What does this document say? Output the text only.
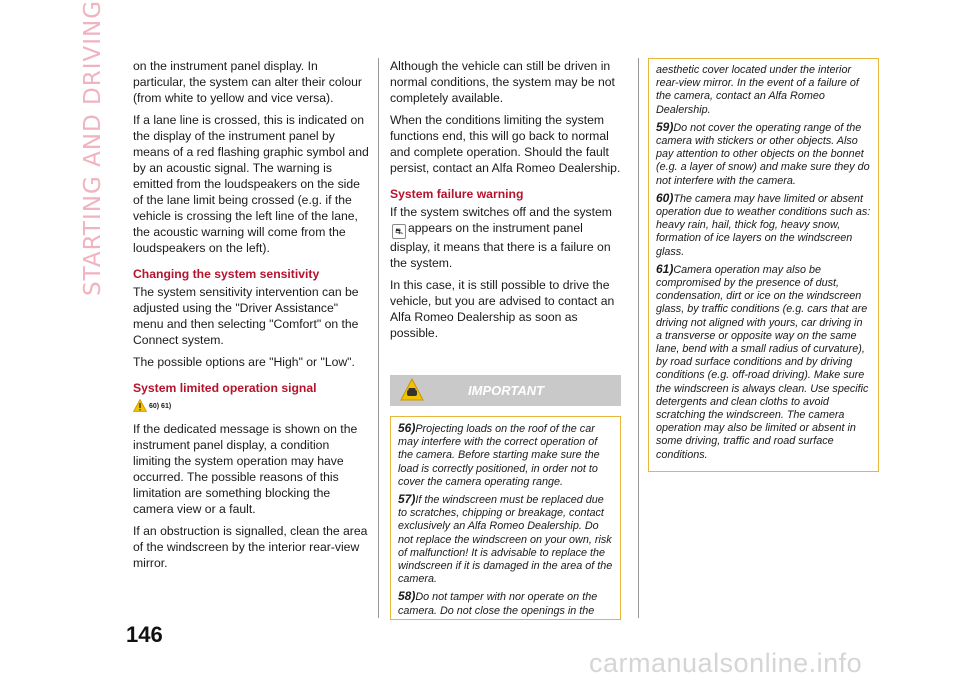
STARTING AND DRIVING on the instrument panel display. In particular, the system can alter their colour (from white to yellow and vice versa).

If a lane line is crossed, this is indicated on the display of the instrument panel by means of a red flashing graphic symbol and by an acoustic signal. The warning is emitted from the loudspeakers on the side of the lane limit being crossed (e.g. if the vehicle is crossing the left line of the lane, the acoustic warning will come from the loudspeakers on the left).

Changing the system sensitivity

The system sensitivity intervention can be adjusted using the "Driver Assistance" menu and then selecting "Comfort" on the Connect system.

The possible options are "High" or "Low".

System limited operation signal

60) 61)

If the dedicated message is shown on the instrument panel display, a condition limiting the system operation may have occurred. The possible reasons of this limitation are something blocking the camera view or a fault.

If an obstruction is signalled, clean the area of the windscreen by the interior rear-view mirror.

Although the vehicle can still be driven in normal conditions, the system may be not completely available.

When the conditions limiting the system functions end, this will go back to normal and complete operation. Should the fault persist, contact an Alfa Romeo Dealership.

System failure warning

If the system switches off and the system ⛐ appears on the instrument panel display, it means that there is a failure on the system.

In this case, it is still possible to drive the vehicle, but you are advised to contact an Alfa Romeo Dealership as soon as possible.

IMPORTANT

56)Projecting loads on the roof of the car may interfere with the correct operation of the camera. Before starting make sure the load is correctly positioned, in order not to cover the camera operating range.

57)If the windscreen must be replaced due to scratches, chipping or breakage, contact exclusively an Alfa Romeo Dealership. Do not replace the windscreen on your own, risk of malfunction! It is advisable to replace the windscreen if it is damaged in the area of the camera.

58)Do not tamper with nor operate on the camera. Do not close the openings in the

aesthetic cover located under the interior rear-view mirror. In the event of a failure of the camera, contact an Alfa Romeo Dealership.

59)Do not cover the operating range of the camera with stickers or other objects. Also pay attention to other objects on the bonnet (e.g. a layer of snow) and make sure they do not interfere with the camera.

60)The camera may have limited or absent operation due to weather conditions such as: heavy rain, hail, thick fog, heavy snow, formation of ice layers on the windscreen glass.

61)Camera operation may also be compromised by the presence of dust, condensation, dirt or ice on the windscreen glass, by traffic conditions (e.g. cars that are driving not aligned with yours, car driving in a transverse or opposite way on the same lane, bend with a small radius of curvature), by road surface conditions and by driving conditions (e.g. off-road driving). Make sure the windscreen is always clean. Use specific detergents and clean cloths to avoid scratching the windscreen. The camera operation may also be limited or absent in some driving, traffic and road surface conditions.

146
carmanualsonline.info
